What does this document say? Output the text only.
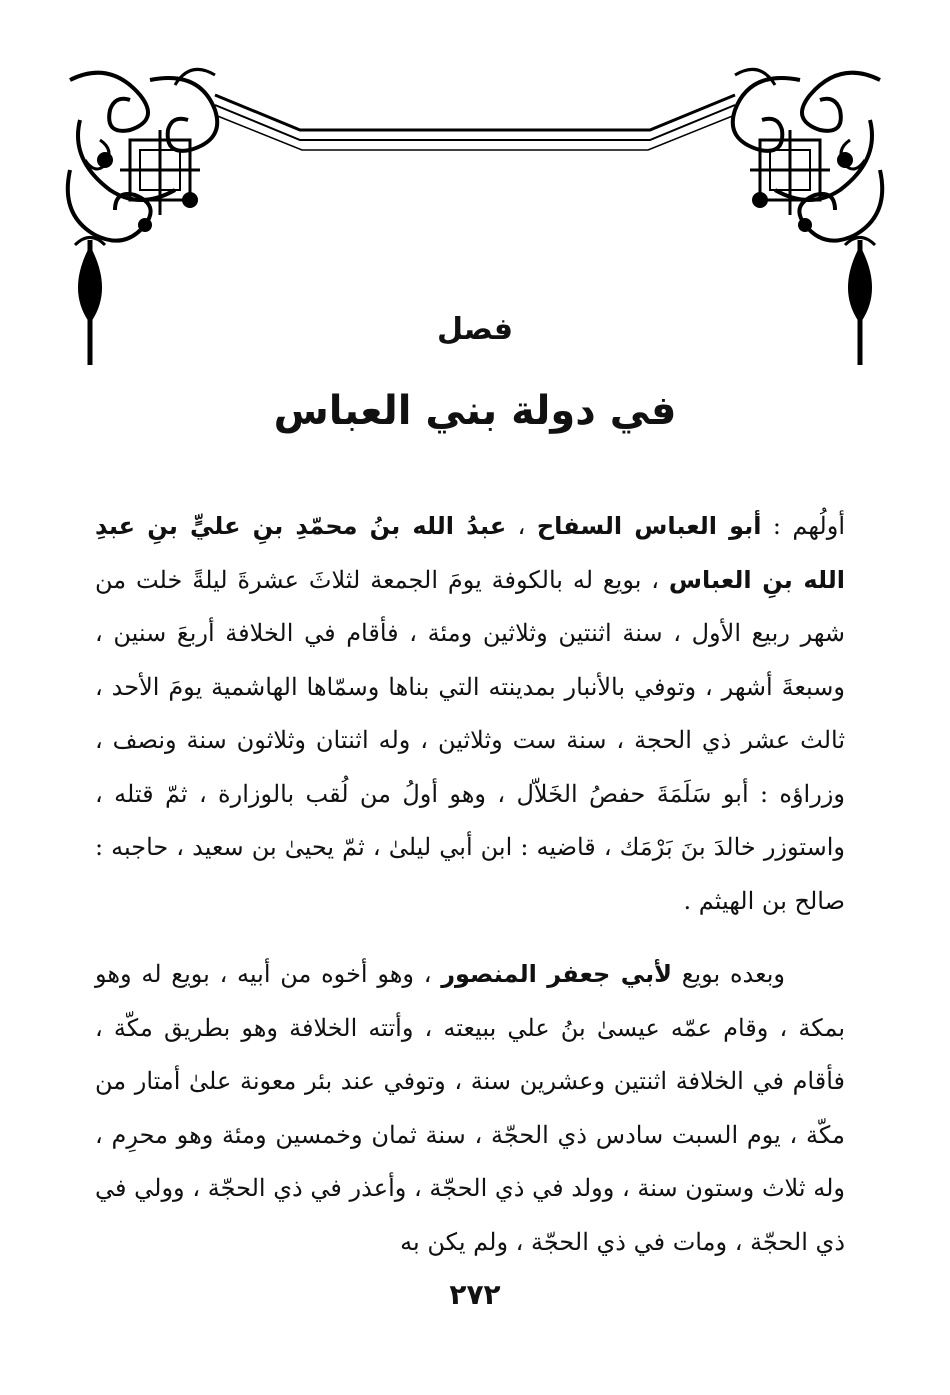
فصل
في دولة بني العباس

أولُهم : أبو العباس السفاح ، عبدُ الله بنُ محمّدِ بنِ عليٍّ بنِ عبدِ الله بنِ العباس ، بويع له بالكوفة يومَ الجمعة لثلاثَ عشرةَ ليلةً خلت من شهر ربيع الأول ، سنة اثنتين وثلاثين ومئة ، فأقام في الخلافة أربعَ سنين ، وسبعةَ أشهر ، وتوفي بالأنبار بمدينته التي بناها وسمّاها الهاشمية يومَ الأحد ، ثالث عشر ذي الحجة ، سنة ست وثلاثين ، وله اثنتان وثلاثون سنة ونصف ، وزراؤه : أبو سَلَمَةَ حفصُ الخَلاّل ، وهو أولُ من لُقب بالوزارة ، ثمّ قتله ، واستوزر خالدَ بنَ بَرْمَك ، قاضيه : ابن أبي ليلىٰ ، ثمّ يحيىٰ بن سعيد ، حاجبه : صالح بن الهيثم .

وبعده بويع لأبي جعفر المنصور ، وهو أخوه من أبيه ، بويع له وهو بمكة ، وقام عمّه عيسىٰ بنُ علي ببيعته ، وأتته الخلافة وهو بطريق مكّة ، فأقام في الخلافة اثنتين وعشرين سنة ، وتوفي عند بئر معونة علىٰ أمتار من مكّة ، يوم السبت سادس ذي الحجّة ، سنة ثمان وخمسين ومئة وهو محرِم ، وله ثلاث وستون سنة ، وولد في ذي الحجّة ، وأعذر في ذي الحجّة ، وولي في ذي الحجّة ، ومات في ذي الحجّة ، ولم يكن به

٢٧٢
